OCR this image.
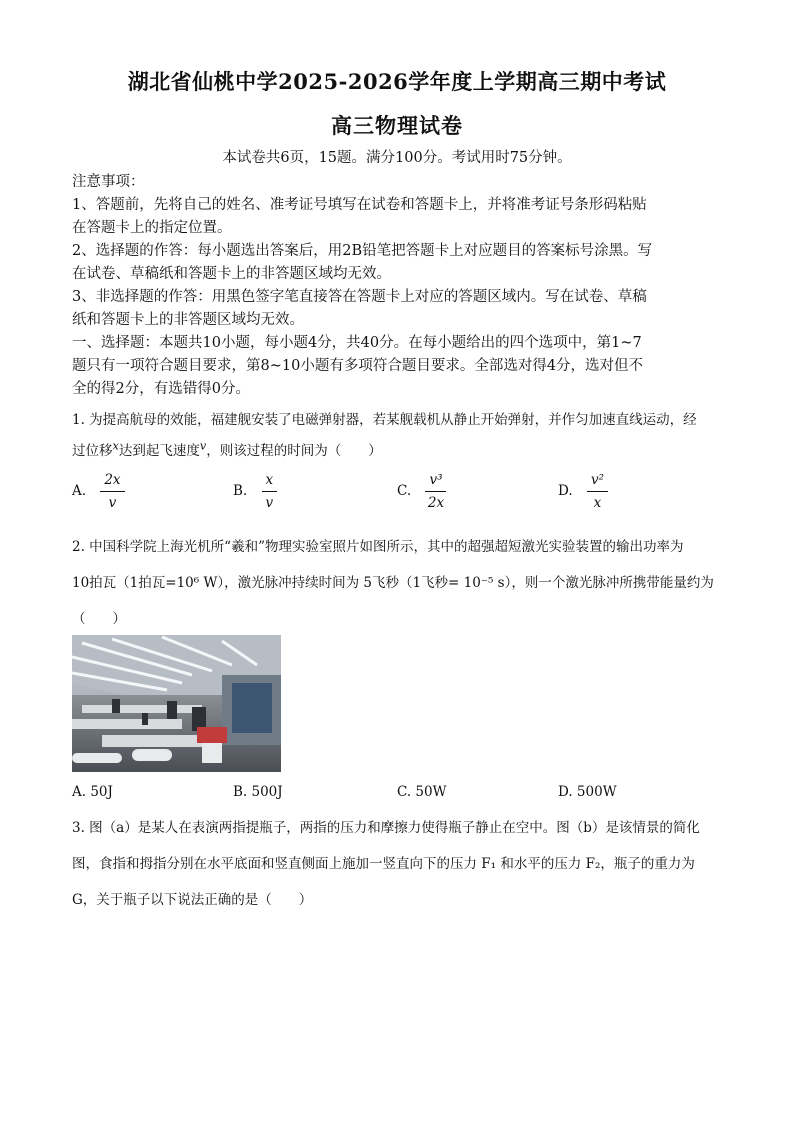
湖北省仙桃中学2025-2026学年度上学期高三期中考试
高三物理试卷
本试卷共6页，15题。满分100分。考试用时75分钟。
注意事项：
1、答题前，先将自己的姓名、准考证号填写在试卷和答题卡上，并将准考证号条形码粘贴
在答题卡上的指定位置。
2、选择题的作答：每小题选出答案后，用2B铅笔把答题卡上对应题目的答案标号涂黑。写
在试卷、草稿纸和答题卡上的非答题区域均无效。
3、非选择题的作答：用黑色签字笔直接答在答题卡上对应的答题区域内。写在试卷、草稿
纸和答题卡上的非答题区域均无效。
一、选择题：本题共10小题，每小题4分，共40分。在每小题给出的四个选项中，第1~7
题只有一项符合题目要求，第8~10小题有多项符合题目要求。全部选对得4分，选对但不
全的得2分，有选错得0分。
1. 为提高航母的效能，福建舰安装了电磁弹射器，若某舰载机从静止开始弹射，并作匀加速直线运动，经
过位移$^x$达到起飞速度$^v$，则该过程的时间为（　　）
A. $\frac{2x}{v}$	B. $\frac{x}{v}$	C. $\frac{\text{v³}}{2x}$	D. $\frac{\text{v²}}{x}$
2. 中国科学院上海光机所“羲和”物理实验室照片如图所示，其中的超强超短激光实验装置的输出功率为
10拍瓦（1拍瓦=10⁶ W），激光脉冲持续时间为 5飞秒（1飞秒= 10⁻⁵ s），则一个激光脉冲所携带能量约为
（　　）
A. 50J	B. 500J	C. 50W	D. 500W
3. 图（a）是某人在表演两指提瓶子，两指的压力和摩擦力使得瓶子静止在空中。图（b）是该情景的简化
图，食指和拇指分别在水平底面和竖直侧面上施加一竖直向下的压力 F₁ 和水平的压力 F₂，瓶子的重力为
G，关于瓶子以下说法正确的是（　　）
